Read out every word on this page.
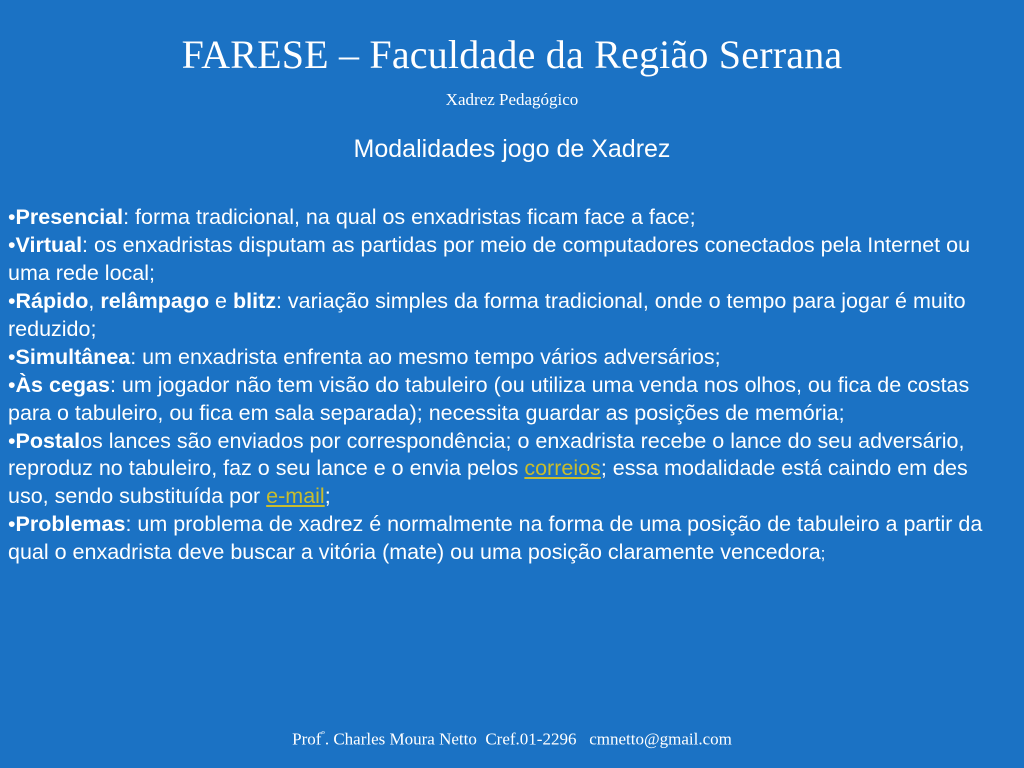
FARESE – Faculdade da Região Serrana
Xadrez Pedagógico
Modalidades jogo de Xadrez

•Presencial: forma tradicional, na qual os enxadristas ficam face a face;

•Virtual: os enxadristas disputam as partidas por meio de computadores conectados pela Internet ou uma rede local;

•Rápido, relâmpago e blitz: variação simples da forma tradicional, onde o tempo para jogar é muito reduzido;

•Simultânea: um enxadrista enfrenta ao mesmo tempo vários adversários;

•Às cegas: um jogador não tem visão do tabuleiro (ou utiliza uma venda nos olhos, ou fica de costas para o tabuleiro, ou fica em sala separada); necessita guardar as posições de memória;

•Postalos lances são enviados por correspondência; o enxadrista recebe o lance do seu adversário, reproduz no tabuleiro, faz o seu lance e o envia pelos correios; essa modalidade está caindo em des uso, sendo substituída por e-mail;

•Problemas: um problema de xadrez é normalmente na forma de uma posição de tabuleiro a partir da qual o enxadrista deve buscar a vitória (mate) ou uma posição claramente vencedora;

Prof$^º$. Charles Moura Netto Cref.01-2296 cmnetto@gmail.com
